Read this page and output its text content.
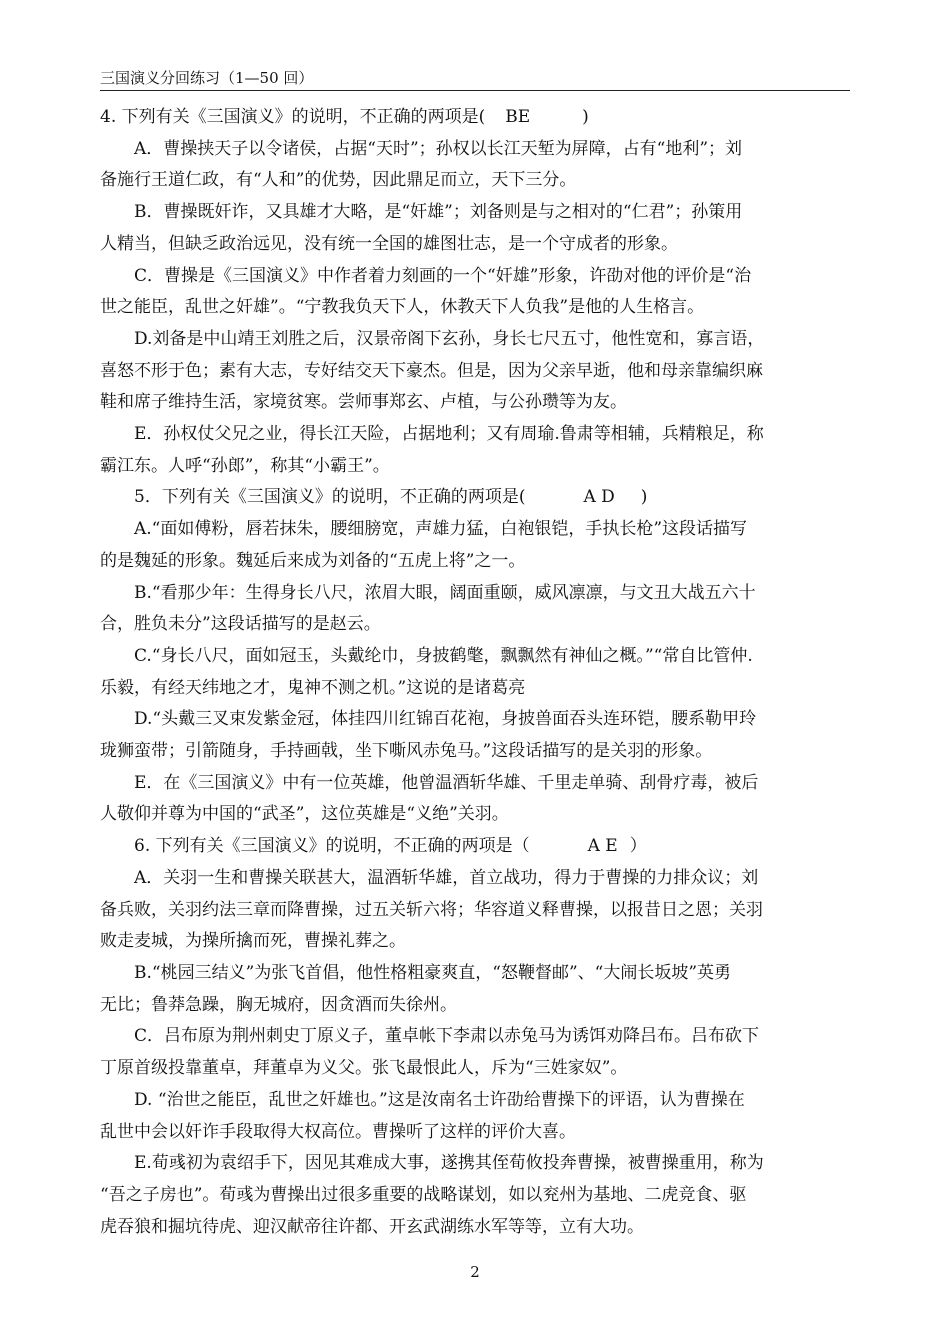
三国演义分回练习（1—50 回）

4. 下列有关《三国演义》的说明，不正确的两项是( BE	)

A．曹操挟天子以令诸侯，占据“天时”；孙权以长江天堑为屏障，占有“地利”；刘

备施行王道仁政，有“人和”的优势，因此鼎足而立，天下三分。

B．曹操既奸诈，又具雄才大略，是“奸雄”；刘备则是与之相对的“仁君”；孙策用

人精当，但缺乏政治远见，没有统一全国的雄图壮志，是一个守成者的形象。

C．曹操是《三国演义》中作者着力刻画的一个“奸雄”形象，许劭对他的评价是“治

世之能臣，乱世之奸雄”。“宁教我负天下人，休教天下人负我”是他的人生格言。

D.刘备是中山靖王刘胜之后，汉景帝阁下玄孙，身长七尺五寸，他性宽和，寡言语，

喜怒不形于色；素有大志，专好结交天下豪杰。但是，因为父亲早逝，他和母亲靠编织麻

鞋和席子维持生活，家境贫寒。尝师事郑玄、卢植，与公孙瓒等为友。

E．孙权仗父兄之业，得长江天险，占据地利；又有周瑜.鲁肃等相辅，兵精粮足，称

霸江东。人呼“孙郎”，称其“小霸王”。

5．下列有关《三国演义》的说明，不正确的两项是(	A D )

A.“面如傅粉，唇若抹朱，腰细膀宽，声雄力猛，白袍银铠，手执长枪”这段话描写

的是魏延的形象。魏延后来成为刘备的“五虎上将”之一。

B.“看那少年：生得身长八尺，浓眉大眼，阔面重颐，威风凛凛，与文丑大战五六十

合，胜负未分”这段话描写的是赵云。

C.“身长八尺，面如冠玉，头戴纶巾，身披鹤氅，飘飘然有神仙之概。”“常自比管仲.

乐毅，有经天纬地之才，鬼神不测之机。”这说的是诸葛亮

D.“头戴三叉束发紫金冠，体挂四川红锦百花袍，身披兽面吞头连环铠，腰系勒甲玲

珑狮蛮带；引箭随身，手持画戟，坐下嘶风赤兔马。”这段话描写的是关羽的形象。

E．在《三国演义》中有一位英雄，他曾温酒斩华雄、千里走单骑、刮骨疗毒，被后

人敬仰并尊为中国的“武圣”，这位英雄是“义绝”关羽。

6. 下列有关《三国演义》的说明，不正确的两项是（	A E ）

A．关羽一生和曹操关联甚大，温酒斩华雄，首立战功，得力于曹操的力排众议；刘

备兵败，关羽约法三章而降曹操，过五关斩六将；华容道义释曹操，以报昔日之恩；关羽

败走麦城，为操所擒而死，曹操礼葬之。

B.“桃园三结义”为张飞首倡，他性格粗豪爽直，“怒鞭督邮”、“大闹长坂坡”英勇

无比；鲁莽急躁，胸无城府，因贪酒而失徐州。

C．吕布原为荆州刺史丁原义子，董卓帐下李肃以赤兔马为诱饵劝降吕布。吕布砍下

丁原首级投靠董卓，拜董卓为义父。张飞最恨此人，斥为“三姓家奴”。

D. “治世之能臣，乱世之奸雄也。”这是汝南名士许劭给曹操下的评语，认为曹操在

乱世中会以奸诈手段取得大权高位。曹操听了这样的评价大喜。

E.荀彧初为袁绍手下，因见其难成大事，遂携其侄荀攸投奔曹操，被曹操重用，称为

“吾之子房也”。荀彧为曹操出过很多重要的战略谋划，如以兖州为基地、二虎竞食、驱

虎吞狼和掘坑待虎、迎汉献帝往许都、开玄武湖练水军等等，立有大功。

2
